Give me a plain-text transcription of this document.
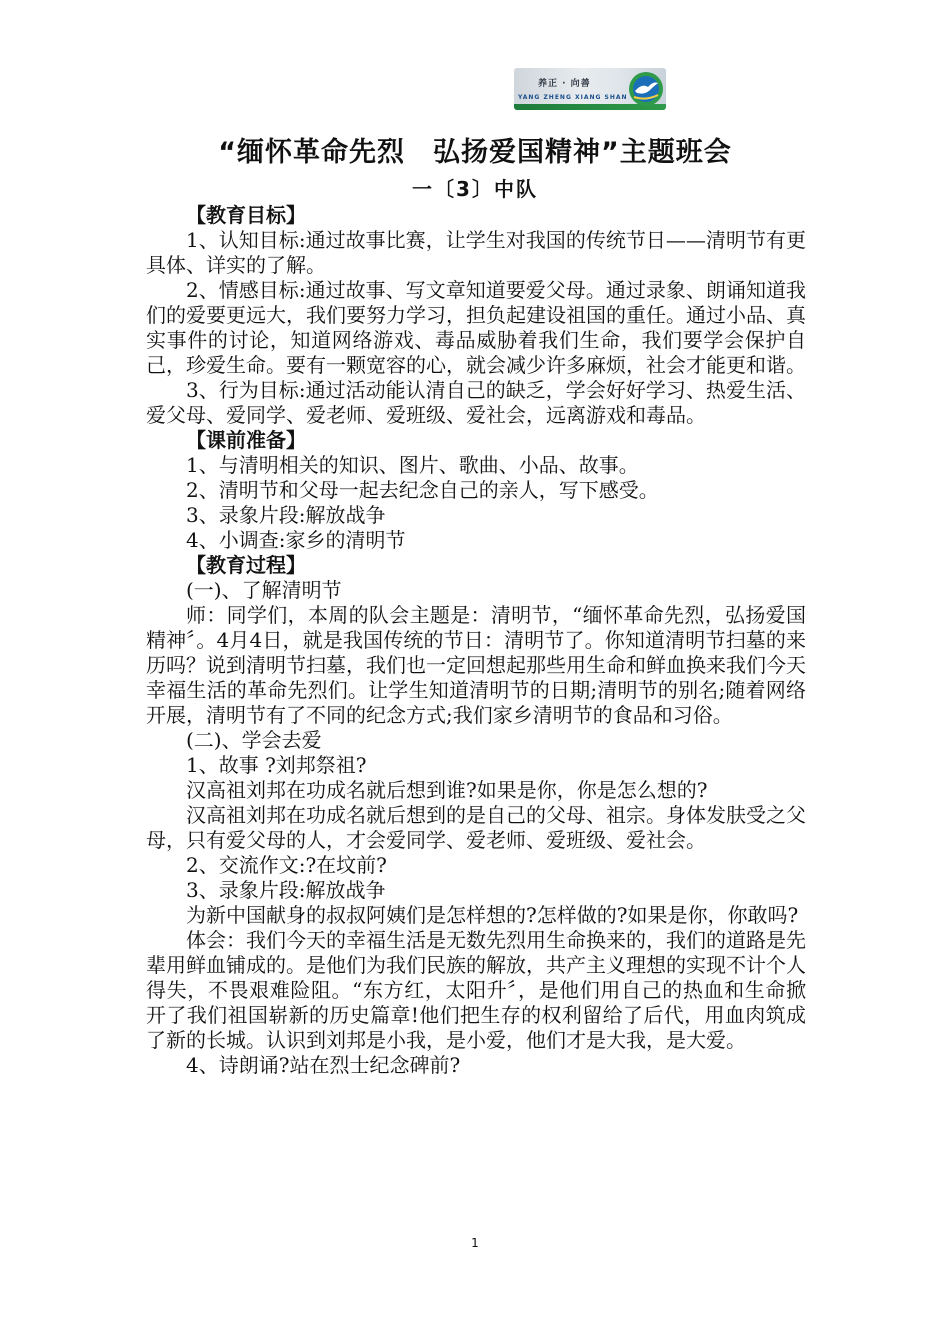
养正 · 向善
YANG ZHENG XIANG SHAN
“缅怀革命先烈　弘扬爱国精神”主题班会
一〔3〕中队

【教育目标】

1、认知目标:通过故事比赛，让学生对我国的传统节日——清明节有更具体、详实的了解。

2、情感目标:通过故事、写文章知道要爱父母。通过录象、朗诵知道我们的爱要更远大，我们要努力学习，担负起建设祖国的重任。通过小品、真实事件的讨论，知道网络游戏、毒品威胁着我们生命，我们要学会保护自己，珍爱生命。要有一颗宽容的心，就会减少许多麻烦，社会才能更和谐。

3、行为目标:通过活动能认清自己的缺乏，学会好好学习、热爱生活、爱父母、爱同学、爱老师、爱班级、爱社会，远离游戏和毒品。

【课前准备】

1、与清明相关的知识、图片、歌曲、小品、故事。

2、清明节和父母一起去纪念自己的亲人，写下感受。

3、录象片段:解放战争

4、小调查:家乡的清明节

【教育过程】

(一)、了解清明节

师：同学们，本周的队会主题是：清明节，“缅怀革命先烈，弘扬爱国精神〞。4月4日，就是我国传统的节日：清明节了。你知道清明节扫墓的来历吗？说到清明节扫墓，我们也一定回想起那些用生命和鲜血换来我们今天幸福生活的革命先烈们。让学生知道清明节的日期;清明节的别名;随着网络开展，清明节有了不同的纪念方式;我们家乡清明节的食品和习俗。

(二)、学会去爱

1、故事 ?刘邦祭祖?

汉高祖刘邦在功成名就后想到谁?如果是你，你是怎么想的?

汉高祖刘邦在功成名就后想到的是自己的父母、祖宗。身体发肤受之父母，只有爱父母的人，才会爱同学、爱老师、爱班级、爱社会。

2、交流作文:?在坟前?

3、录象片段:解放战争

为新中国献身的叔叔阿姨们是怎样想的?怎样做的?如果是你，你敢吗?

体会：我们今天的幸福生活是无数先烈用生命换来的，我们的道路是先辈用鲜血铺成的。是他们为我们民族的解放，共产主义理想的实现不计个人得失，不畏艰难险阻。“东方红，太阳升〞，是他们用自己的热血和生命掀开了我们祖国崭新的历史篇章!他们把生存的权利留给了后代，用血肉筑成了新的长城。认识到刘邦是小我，是小爱，他们才是大我，是大爱。

4、诗朗诵?站在烈士纪念碑前?

1
